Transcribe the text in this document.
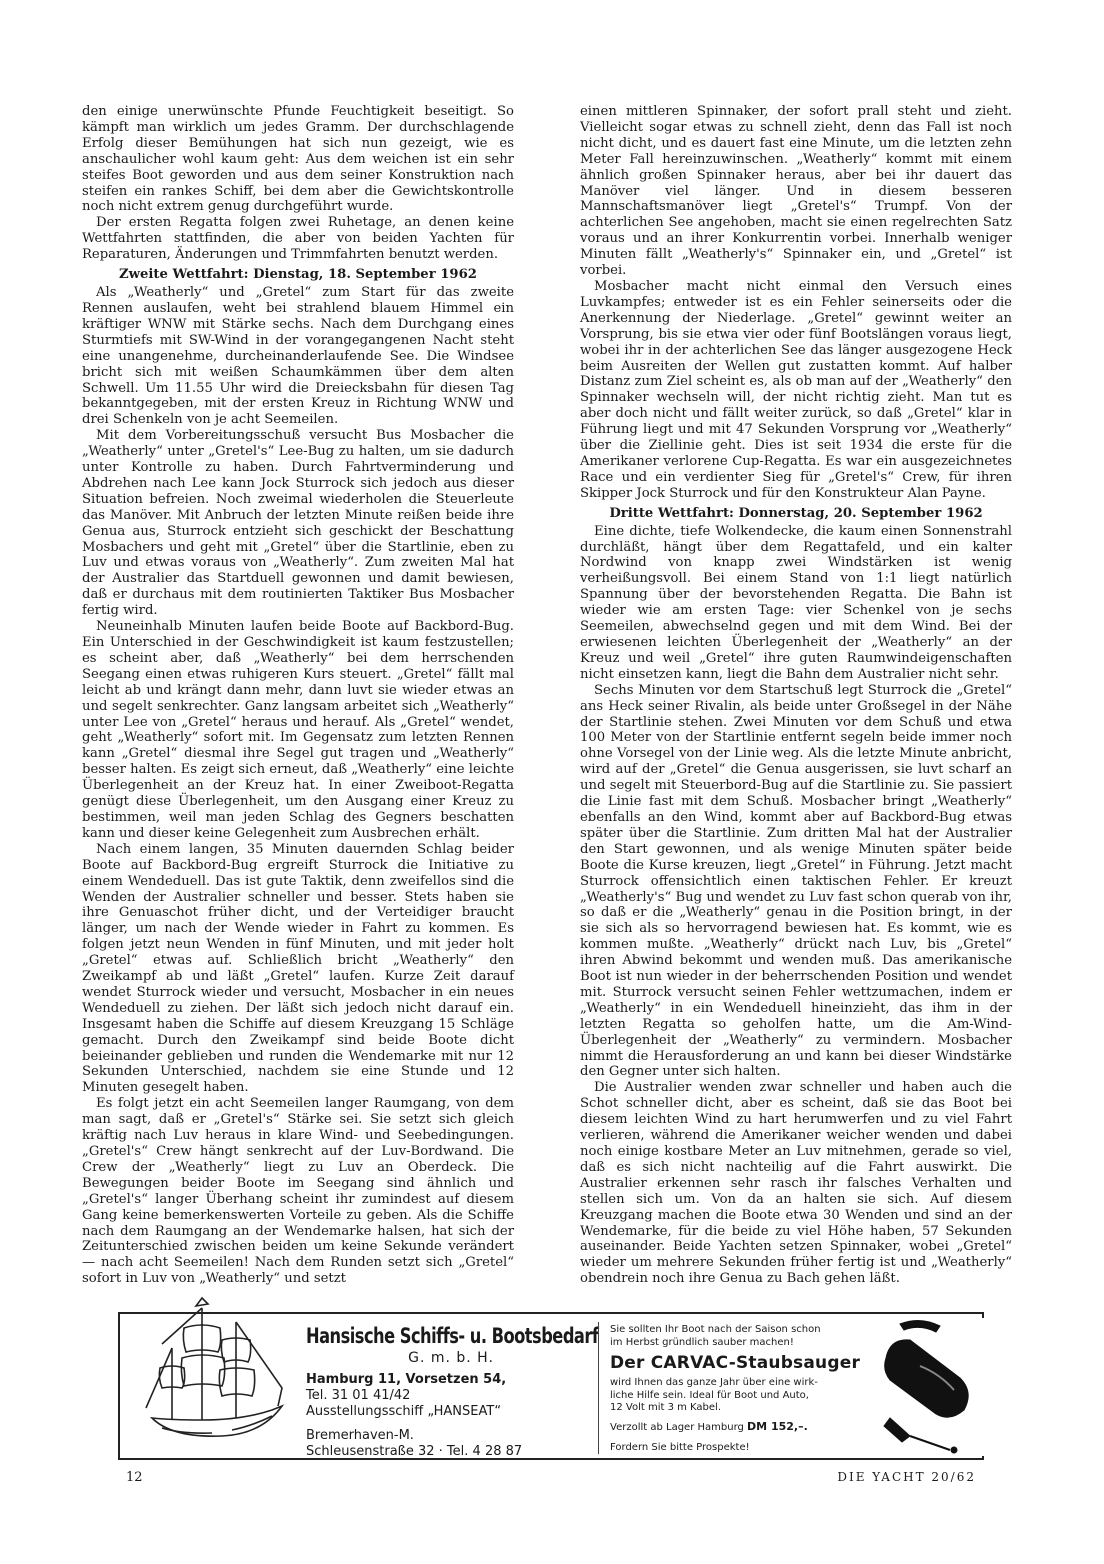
den einige unerwünschte Pfunde Feuchtigkeit beseitigt. So kämpft man wirklich um jedes Gramm. Der durchschlagende Erfolg dieser Bemühungen hat sich nun gezeigt, wie es anschaulicher wohl kaum geht: Aus dem weichen ist ein sehr steifes Boot geworden und aus dem seiner Konstruktion nach steifen ein rankes Schiff, bei dem aber die Gewichtskontrolle noch nicht extrem genug durchgeführt wurde.

Der ersten Regatta folgen zwei Ruhetage, an denen keine Wettfahrten stattfinden, die aber von beiden Yachten für Reparaturen, Änderungen und Trimmfahrten benutzt werden.

Zweite Wettfahrt: Dienstag, 18. September 1962

Als „Weatherly“ und „Gretel“ zum Start für das zweite Rennen auslaufen, weht bei strahlend blauem Himmel ein kräftiger WNW mit Stärke sechs. Nach dem Durchgang eines Sturmtiefs mit SW-Wind in der vorangegangenen Nacht steht eine unangenehme, durcheinanderlaufende See. Die Windsee bricht sich mit weißen Schaumkämmen über dem alten Schwell. Um 11.55 Uhr wird die Dreiecksbahn für diesen Tag bekanntgegeben, mit der ersten Kreuz in Richtung WNW und drei Schenkeln von je acht Seemeilen.

Mit dem Vorbereitungsschuß versucht Bus Mosbacher die „Weatherly“ unter „Gretel's“ Lee-Bug zu halten, um sie dadurch unter Kontrolle zu haben. Durch Fahrtverminderung und Abdrehen nach Lee kann Jock Sturrock sich jedoch aus dieser Situation befreien. Noch zweimal wiederholen die Steuerleute das Manöver. Mit Anbruch der letzten Minute reißen beide ihre Genua aus, Sturrock entzieht sich geschickt der Beschattung Mosbachers und geht mit „Gretel“ über die Startlinie, eben zu Luv und etwas voraus von „Weatherly“. Zum zweiten Mal hat der Australier das Startduell gewonnen und damit bewiesen, daß er durchaus mit dem routinierten Taktiker Bus Mosbacher fertig wird.

Neuneinhalb Minuten laufen beide Boote auf Backbord-Bug. Ein Unterschied in der Geschwindigkeit ist kaum festzustellen; es scheint aber, daß „Weatherly“ bei dem herrschenden Seegang einen etwas ruhigeren Kurs steuert. „Gretel“ fällt mal leicht ab und krängt dann mehr, dann luvt sie wieder etwas an und segelt senkrechter. Ganz langsam arbeitet sich „Weatherly“ unter Lee von „Gretel“ heraus und herauf. Als „Gretel“ wendet, geht „Weatherly“ sofort mit. Im Gegensatz zum letzten Rennen kann „Gretel“ diesmal ihre Segel gut tragen und „Weatherly“ besser halten. Es zeigt sich erneut, daß „Weatherly“ eine leichte Überlegenheit an der Kreuz hat. In einer Zweiboot-Regatta genügt diese Überlegenheit, um den Ausgang einer Kreuz zu bestimmen, weil man jeden Schlag des Gegners beschatten kann und dieser keine Gelegenheit zum Ausbrechen erhält.

Nach einem langen, 35 Minuten dauernden Schlag beider Boote auf Backbord-Bug ergreift Sturrock die Initiative zu einem Wendeduell. Das ist gute Taktik, denn zweifellos sind die Wenden der Australier schneller und besser. Stets haben sie ihre Genuaschot früher dicht, und der Verteidiger braucht länger, um nach der Wende wieder in Fahrt zu kommen. Es folgen jetzt neun Wenden in fünf Minuten, und mit jeder holt „Gretel“ etwas auf. Schließlich bricht „Weatherly“ den Zweikampf ab und läßt „Gretel“ laufen. Kurze Zeit darauf wendet Sturrock wieder und versucht, Mosbacher in ein neues Wendeduell zu ziehen. Der läßt sich jedoch nicht darauf ein. Insgesamt haben die Schiffe auf diesem Kreuzgang 15 Schläge gemacht. Durch den Zweikampf sind beide Boote dicht beieinander geblieben und runden die Wendemarke mit nur 12 Sekunden Unterschied, nachdem sie eine Stunde und 12 Minuten gesegelt haben.

Es folgt jetzt ein acht Seemeilen langer Raumgang, von dem man sagt, daß er „Gretel's“ Stärke sei. Sie setzt sich gleich kräftig nach Luv heraus in klare Wind- und Seebedingungen. „Gretel's“ Crew hängt senkrecht auf der Luv-Bordwand. Die Crew der „Weatherly“ liegt zu Luv an Oberdeck. Die Bewegungen beider Boote im Seegang sind ähnlich und „Gretel's“ langer Überhang scheint ihr zumindest auf diesem Gang keine bemerkenswerten Vorteile zu geben. Als die Schiffe nach dem Raumgang an der Wendemarke halsen, hat sich der Zeitunterschied zwischen beiden um keine Sekunde verändert — nach acht Seemeilen! Nach dem Runden setzt sich „Gretel“ sofort in Luv von „Weatherly“ und setzt

einen mittleren Spinnaker, der sofort prall steht und zieht. Vielleicht sogar etwas zu schnell zieht, denn das Fall ist noch nicht dicht, und es dauert fast eine Minute, um die letzten zehn Meter Fall hereinzuwinschen. „Weatherly“ kommt mit einem ähnlich großen Spinnaker heraus, aber bei ihr dauert das Manöver viel länger. Und in diesem besseren Mannschaftsmanöver liegt „Gretel's“ Trumpf. Von der achterlichen See angehoben, macht sie einen regelrechten Satz voraus und an ihrer Konkurrentin vorbei. Innerhalb weniger Minuten fällt „Weatherly's“ Spinnaker ein, und „Gretel“ ist vorbei.

Mosbacher macht nicht einmal den Versuch eines Luvkampfes; entweder ist es ein Fehler seinerseits oder die Anerkennung der Niederlage. „Gretel“ gewinnt weiter an Vorsprung, bis sie etwa vier oder fünf Bootslängen voraus liegt, wobei ihr in der achterlichen See das länger ausgezogene Heck beim Ausreiten der Wellen gut zustatten kommt. Auf halber Distanz zum Ziel scheint es, als ob man auf der „Weatherly“ den Spinnaker wechseln will, der nicht richtig zieht. Man tut es aber doch nicht und fällt weiter zurück, so daß „Gretel“ klar in Führung liegt und mit 47 Sekunden Vorsprung vor „Weatherly“ über die Ziellinie geht. Dies ist seit 1934 die erste für die Amerikaner verlorene Cup-Regatta. Es war ein ausgezeichnetes Race und ein verdienter Sieg für „Gretel's“ Crew, für ihren Skipper Jock Sturrock und für den Konstrukteur Alan Payne.

Dritte Wettfahrt: Donnerstag, 20. September 1962

Eine dichte, tiefe Wolkendecke, die kaum einen Sonnenstrahl durchläßt, hängt über dem Regattafeld, und ein kalter Nordwind von knapp zwei Windstärken ist wenig verheißungsvoll. Bei einem Stand von 1:1 liegt natürlich Spannung über der bevorstehenden Regatta. Die Bahn ist wieder wie am ersten Tage: vier Schenkel von je sechs Seemeilen, abwechselnd gegen und mit dem Wind. Bei der erwiesenen leichten Überlegenheit der „Weatherly“ an der Kreuz und weil „Gretel“ ihre guten Raumwindeigenschaften nicht einsetzen kann, liegt die Bahn dem Australier nicht sehr.

Sechs Minuten vor dem Startschuß legt Sturrock die „Gretel“ ans Heck seiner Rivalin, als beide unter Großsegel in der Nähe der Startlinie stehen. Zwei Minuten vor dem Schuß und etwa 100 Meter von der Startlinie entfernt segeln beide immer noch ohne Vorsegel von der Linie weg. Als die letzte Minute anbricht, wird auf der „Gretel“ die Genua ausgerissen, sie luvt scharf an und segelt mit Steuerbord-Bug auf die Startlinie zu. Sie passiert die Linie fast mit dem Schuß. Mosbacher bringt „Weatherly“ ebenfalls an den Wind, kommt aber auf Backbord-Bug etwas später über die Startlinie. Zum dritten Mal hat der Australier den Start gewonnen, und als wenige Minuten später beide Boote die Kurse kreuzen, liegt „Gretel“ in Führung. Jetzt macht Sturrock offensichtlich einen taktischen Fehler. Er kreuzt „Weatherly's“ Bug und wendet zu Luv fast schon querab von ihr, so daß er die „Weatherly“ genau in die Position bringt, in der sie sich als so hervorragend bewiesen hat. Es kommt, wie es kommen mußte. „Weatherly“ drückt nach Luv, bis „Gretel“ ihren Abwind bekommt und wenden muß. Das amerikanische Boot ist nun wieder in der beherrschenden Position und wendet mit. Sturrock versucht seinen Fehler wettzumachen, indem er „Weatherly“ in ein Wendeduell hineinzieht, das ihm in der letzten Regatta so geholfen hatte, um die Am-Wind-Überlegenheit der „Weatherly“ zu vermindern. Mosbacher nimmt die Herausforderung an und kann bei dieser Windstärke den Gegner unter sich halten.

Die Australier wenden zwar schneller und haben auch die Schot schneller dicht, aber es scheint, daß sie das Boot bei diesem leichten Wind zu hart herumwerfen und zu viel Fahrt verlieren, während die Amerikaner weicher wenden und dabei noch einige kostbare Meter an Luv mitnehmen, gerade so viel, daß es sich nicht nachteilig auf die Fahrt auswirkt. Die Australier erkennen sehr rasch ihr falsches Verhalten und stellen sich um. Von da an halten sie sich. Auf diesem Kreuzgang machen die Boote etwa 30 Wenden und sind an der Wendemarke, für die beide zu viel Höhe haben, 57 Sekunden auseinander. Beide Yachten setzen Spinnaker, wobei „Gretel“ wieder um mehrere Sekunden früher fertig ist und „Weatherly“ obendrein noch ihre Genua zu Bach gehen läßt.

Hansische Schiffs- u. Bootsbedarf
G. m. b. H.
Hamburg 11, Vorsetzen 54,
Tel. 31 01 41/42
Ausstellungsschiff „HANSEAT“
Bremerhaven-M.
Schleusenstraße 32 · Tel. 4 28 87
Sie sollten Ihr Boot nach der Saison schon
im Herbst gründlich sauber machen!
Der CARVAC-Staubsauger
wird Ihnen das ganze Jahr über eine wirk-
liche Hilfe sein. Ideal für Boot und Auto,
12 Volt mit 3 m Kabel.
Verzollt ab Lager Hamburg DM 152,–.
Fordern Sie bitte Prospekte!
12	DIE YACHT 20/62
